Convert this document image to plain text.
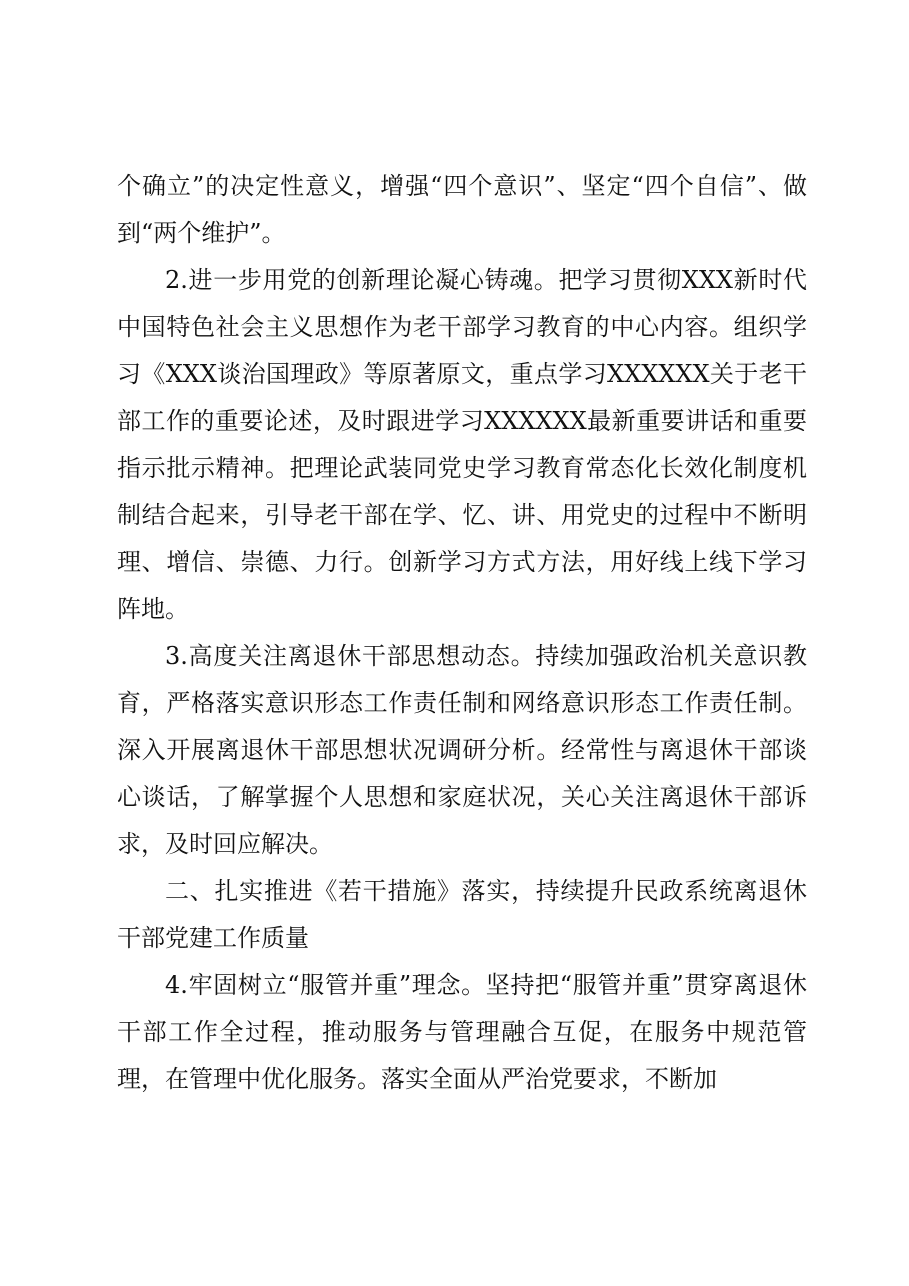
个确立”的决定性意义，增强“四个意识”、坚定“四个自信”、做到“两个维护”。

2.进一步用党的创新理论凝心铸魂。把学习贯彻XXX新时代中国特色社会主义思想作为老干部学习教育的中心内容。组织学习《XXX谈治国理政》等原著原文，重点学习XXXXXX关于老干部工作的重要论述，及时跟进学习XXXXXX最新重要讲话和重要指示批示精神。把理论武装同党史学习教育常态化长效化制度机制结合起来，引导老干部在学、忆、讲、用党史的过程中不断明理、增信、崇德、力行。创新学习方式方法，用好线上线下学习阵地。

3.高度关注离退休干部思想动态。持续加强政治机关意识教育，严格落实意识形态工作责任制和网络意识形态工作责任制。深入开展离退休干部思想状况调研分析。经常性与离退休干部谈心谈话，了解掌握个人思想和家庭状况，关心关注离退休干部诉求，及时回应解决。

二、扎实推进《若干措施》落实，持续提升民政系统离退休干部党建工作质量

4.牢固树立“服管并重”理念。坚持把“服管并重”贯穿离退休干部工作全过程，推动服务与管理融合互促，在服务中规范管理，在管理中优化服务。落实全面从严治党要求，不断加
